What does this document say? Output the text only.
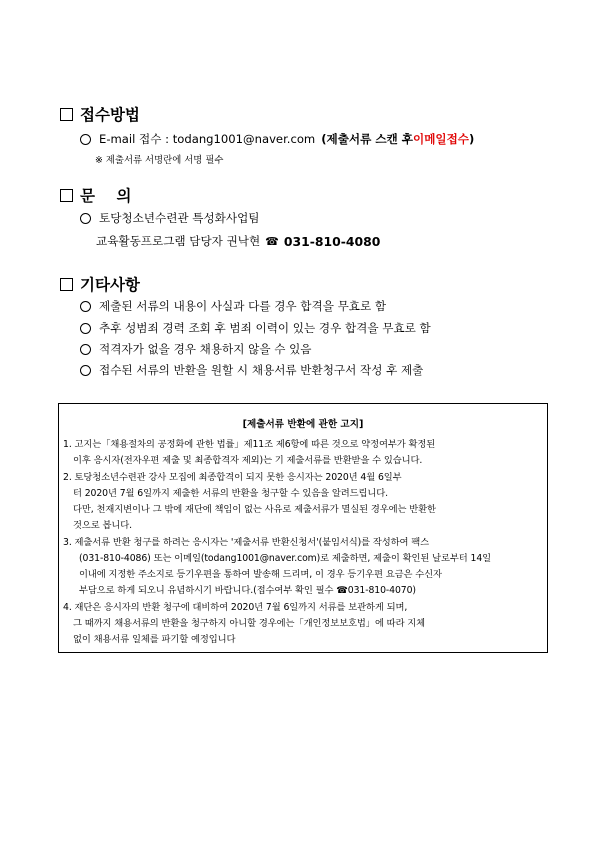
접수방법
E-mail 접수 : todang1001@naver.com (제출서류 스캔 후 이메일접수 )
※ 제출서류 서명란에 서명 필수
문    의
토당청소년수련관 특성화사업팀
교육활동프로그램 담당자 권낙현 ☎ 031-810-4080
기타사항
제출된 서류의 내용이 사실과 다를 경우 합격을 무효로 함
추후 성범죄 경력 조회 후 범죄 이력이 있는 경우 합격을 무효로 함
적격자가 없을 경우 채용하지 않을 수 있음
접수된 서류의 반환을 원할 시 채용서류 반환청구서 작성 후 제출
[제출서류 반환에 관한 고지]
1. 고지는「채용절차의 공정화에 관한 법률」제11조 제6항에 따른 것으로 약정여부가 확정된
이후 응시자(전자우편 제출 및 최종합격자 제외)는 기 제출서류를 반환받을 수 있습니다.
2. 토당청소년수련관 강사 모집에 최종합격이 되지 못한 응시자는 2020년 4월 6일부
터 2020년 7월 6일까지 제출한 서류의 반환을 청구할 수 있음을 알려드립니다.
다만, 천재지변이나 그 밖에 재단에 책임이 없는 사유로 제출서류가 멸실된 경우에는 반환한
것으로 봅니다.
3. 제출서류 반환 청구를 하려는 응시자는 '제출서류 반환신청서'(붙임서식)를 작성하여 팩스
(031-810-4086) 또는 이메일(todang1001@naver.com)로 제출하면, 제출이 확인된 날로부터 14일
이내에 지정한 주소지로 등기우편을 통하여 발송해 드리며, 이 경우 등기우편 요금은 수신자
부담으로 하게 되오니 유념하시기 바랍니다.(접수여부 확인 필수 ☎031-810-4070)
4. 재단은 응시자의 반환 청구에 대비하여 2020년 7월 6일까지 서류를 보관하게 되며,
그 때까지 채용서류의 반환을 청구하지 아니할 경우에는「개인정보보호법」에 따라 지체
없이 채용서류 일체를 파기할 예정입니다
